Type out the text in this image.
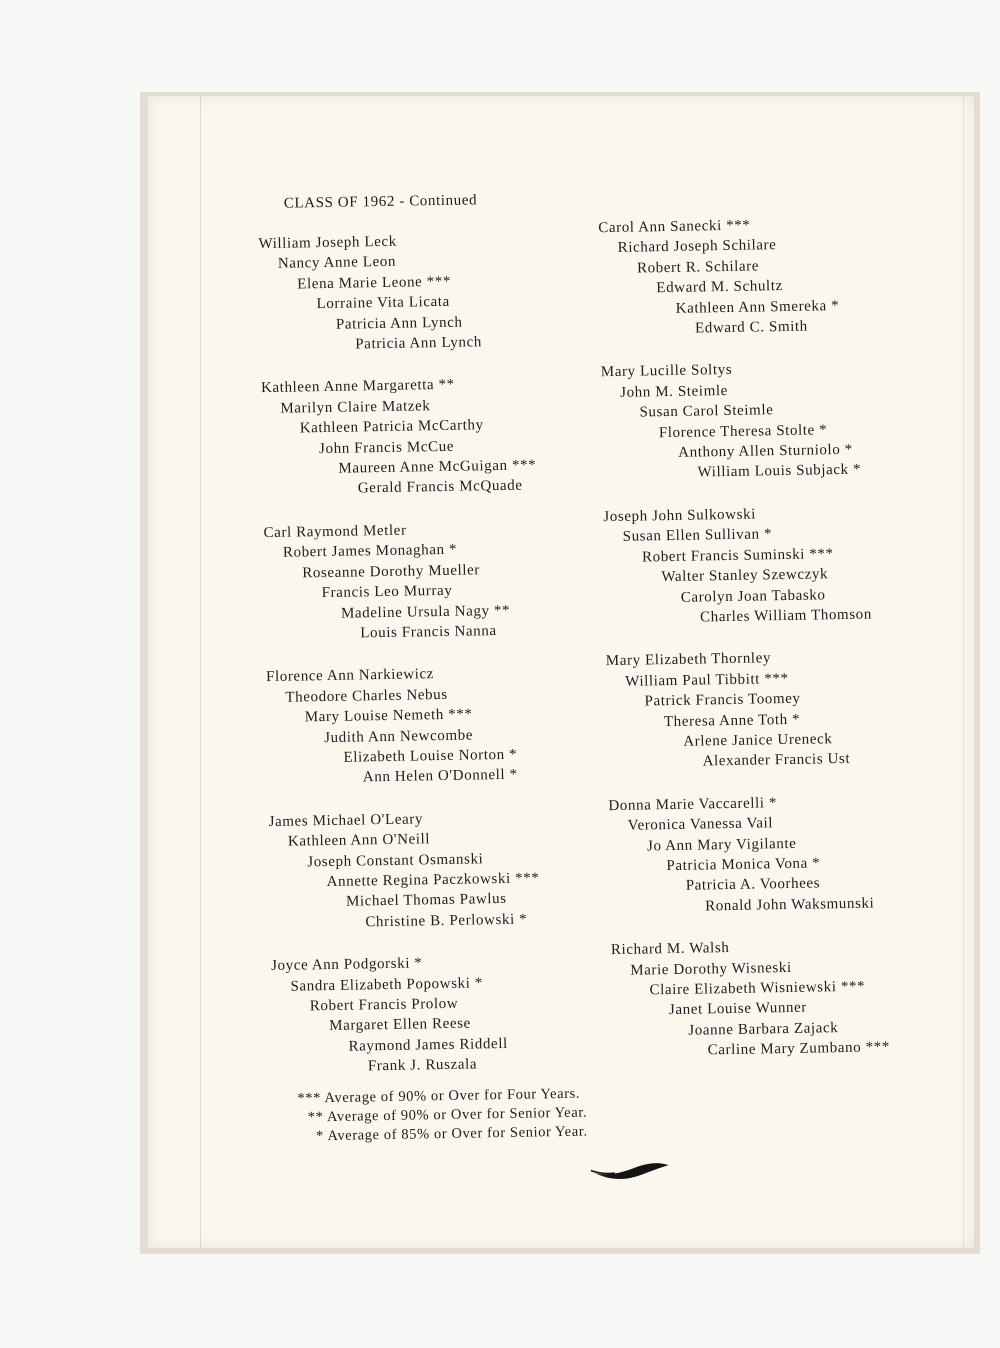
CLASS OF 1962 - Continued
William Joseph Leck
Nancy Anne Leon
Elena Marie Leone ***
Lorraine Vita Licata
Patricia Ann Lynch
Patricia Ann Lynch
Kathleen Anne Margaretta **
Marilyn Claire Matzek
Kathleen Patricia McCarthy
John Francis McCue
Maureen Anne McGuigan ***
Gerald Francis McQuade
Carl Raymond Metler
Robert James Monaghan *
Roseanne Dorothy Mueller
Francis Leo Murray
Madeline Ursula Nagy **
Louis Francis Nanna
Florence Ann Narkiewicz
Theodore Charles Nebus
Mary Louise Nemeth ***
Judith Ann Newcombe
Elizabeth Louise Norton *
Ann Helen O'Donnell *
James Michael O'Leary
Kathleen Ann O'Neill
Joseph Constant Osmanski
Annette Regina Paczkowski ***
Michael Thomas Pawlus
Christine B. Perlowski *
Joyce Ann Podgorski *
Sandra Elizabeth Popowski *
Robert Francis Prolow
Margaret Ellen Reese
Raymond James Riddell
Frank J. Ruszala
Carol Ann Sanecki ***
Richard Joseph Schilare
Robert R. Schilare
Edward M. Schultz
Kathleen Ann Smereka *
Edward C. Smith
Mary Lucille Soltys
John M. Steimle
Susan Carol Steimle
Florence Theresa Stolte *
Anthony Allen Sturniolo *
William Louis Subjack *
Joseph John Sulkowski
Susan Ellen Sullivan *
Robert Francis Suminski ***
Walter Stanley Szewczyk
Carolyn Joan Tabasko
Charles William Thomson
Mary Elizabeth Thornley
William Paul Tibbitt ***
Patrick Francis Toomey
Theresa Anne Toth *
Arlene Janice Ureneck
Alexander Francis Ust
Donna Marie Vaccarelli *
Veronica Vanessa Vail
Jo Ann Mary Vigilante
Patricia Monica Vona *
Patricia A. Voorhees
Ronald John Waksmunski
Richard M. Walsh
Marie Dorothy Wisneski
Claire Elizabeth Wisniewski ***
Janet Louise Wunner
Joanne Barbara Zajack
Carline Mary Zumbano ***
*** Average of 90% or Over for Four Years.
** Average of 90% or Over for Senior Year.
* Average of 85% or Over for Senior Year.
